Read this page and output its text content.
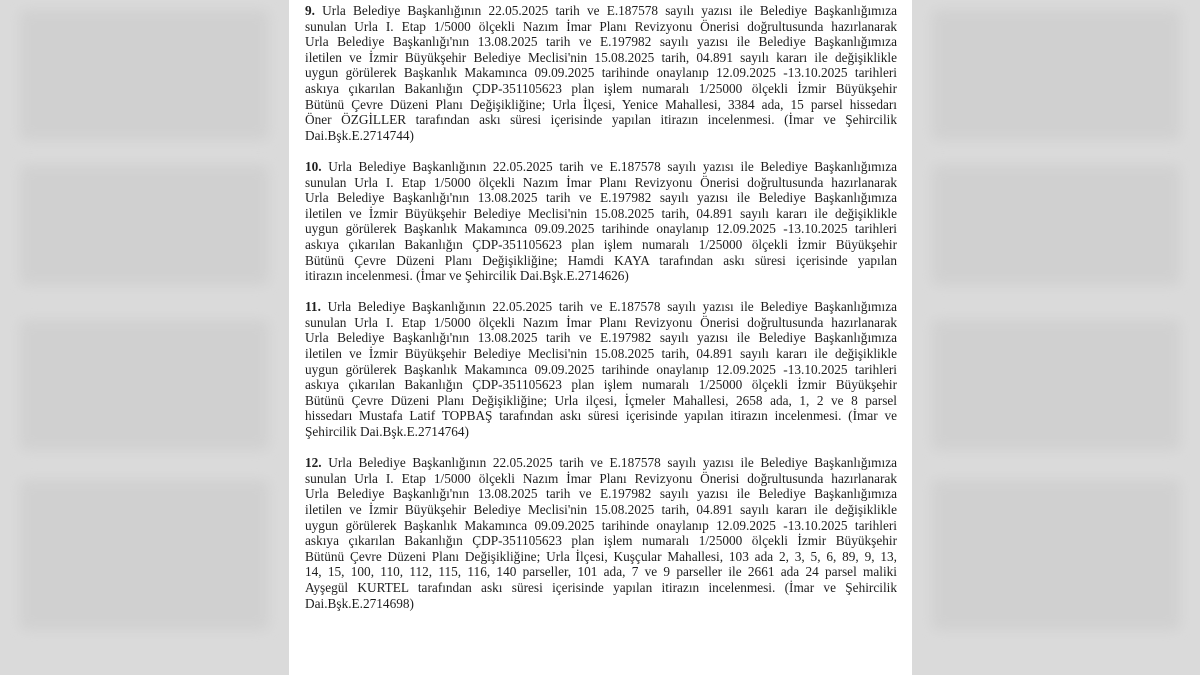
9. Urla Belediye Başkanlığının 22.05.2025 tarih ve E.187578 sayılı yazısı ile Belediye Başkanlığımıza
sunulan Urla I. Etap 1/5000 ölçekli Nazım İmar Planı Revizyonu Önerisi doğrultusunda hazırlanarak
Urla Belediye Başkanlığı'nın 13.08.2025 tarih ve E.197982 sayılı yazısı ile Belediye Başkanlığımıza
iletilen ve İzmir Büyükşehir Belediye Meclisi'nin 15.08.2025 tarih, 04.891 sayılı kararı ile değişiklikle
uygun görülerek Başkanlık Makamınca 09.09.2025 tarihinde onaylanıp 12.09.2025 -13.10.2025 tarihleri
askıya çıkarılan Bakanlığın ÇDP-351105623 plan işlem numaralı 1/25000 ölçekli İzmir Büyükşehir
Bütünü Çevre Düzeni Planı Değişikliğine; Urla İlçesi, Yenice Mahallesi, 3384 ada, 15 parsel hissedarı
Öner ÖZGİLLER tarafından askı süresi içerisinde yapılan itirazın incelenmesi. (İmar ve Şehircilik
Dai.Bşk.E.2714744)
10. Urla Belediye Başkanlığının 22.05.2025 tarih ve E.187578 sayılı yazısı ile Belediye Başkanlığımıza
sunulan Urla I. Etap 1/5000 ölçekli Nazım İmar Planı Revizyonu Önerisi doğrultusunda hazırlanarak
Urla Belediye Başkanlığı'nın 13.08.2025 tarih ve E.197982 sayılı yazısı ile Belediye Başkanlığımıza
iletilen ve İzmir Büyükşehir Belediye Meclisi'nin 15.08.2025 tarih, 04.891 sayılı kararı ile değişiklikle
uygun görülerek Başkanlık Makamınca 09.09.2025 tarihinde onaylanıp 12.09.2025 -13.10.2025 tarihleri
askıya çıkarılan Bakanlığın ÇDP-351105623 plan işlem numaralı 1/25000 ölçekli İzmir Büyükşehir
Bütünü Çevre Düzeni Planı Değişikliğine; Hamdi KAYA tarafından askı süresi içerisinde yapılan
itirazın incelenmesi. (İmar ve Şehircilik Dai.Bşk.E.2714626)
11. Urla Belediye Başkanlığının 22.05.2025 tarih ve E.187578 sayılı yazısı ile Belediye Başkanlığımıza
sunulan Urla I. Etap 1/5000 ölçekli Nazım İmar Planı Revizyonu Önerisi doğrultusunda hazırlanarak
Urla Belediye Başkanlığı'nın 13.08.2025 tarih ve E.197982 sayılı yazısı ile Belediye Başkanlığımıza
iletilen ve İzmir Büyükşehir Belediye Meclisi'nin 15.08.2025 tarih, 04.891 sayılı kararı ile değişiklikle
uygun görülerek Başkanlık Makamınca 09.09.2025 tarihinde onaylanıp 12.09.2025 -13.10.2025 tarihleri
askıya çıkarılan Bakanlığın ÇDP-351105623 plan işlem numaralı 1/25000 ölçekli İzmir Büyükşehir
Bütünü Çevre Düzeni Planı Değişikliğine; Urla ilçesi, İçmeler Mahallesi, 2658 ada, 1, 2 ve 8 parsel
hissedarı Mustafa Latif TOPBAŞ tarafından askı süresi içerisinde yapılan itirazın incelenmesi. (İmar ve
Şehircilik Dai.Bşk.E.2714764)
12. Urla Belediye Başkanlığının 22.05.2025 tarih ve E.187578 sayılı yazısı ile Belediye Başkanlığımıza
sunulan Urla I. Etap 1/5000 ölçekli Nazım İmar Planı Revizyonu Önerisi doğrultusunda hazırlanarak
Urla Belediye Başkanlığı'nın 13.08.2025 tarih ve E.197982 sayılı yazısı ile Belediye Başkanlığımıza
iletilen ve İzmir Büyükşehir Belediye Meclisi'nin 15.08.2025 tarih, 04.891 sayılı kararı ile değişiklikle
uygun görülerek Başkanlık Makamınca 09.09.2025 tarihinde onaylanıp 12.09.2025 -13.10.2025 tarihleri
askıya çıkarılan Bakanlığın ÇDP-351105623 plan işlem numaralı 1/25000 ölçekli İzmir Büyükşehir
Bütünü Çevre Düzeni Planı Değişikliğine; Urla İlçesi, Kuşçular Mahallesi, 103 ada 2, 3, 5, 6, 89, 9, 13,
14, 15, 100, 110, 112, 115, 116, 140 parseller, 101 ada, 7 ve 9 parseller ile 2661 ada 24 parsel maliki
Ayşegül KURTEL tarafından askı süresi içerisinde yapılan itirazın incelenmesi. (İmar ve Şehircilik
Dai.Bşk.E.2714698)
